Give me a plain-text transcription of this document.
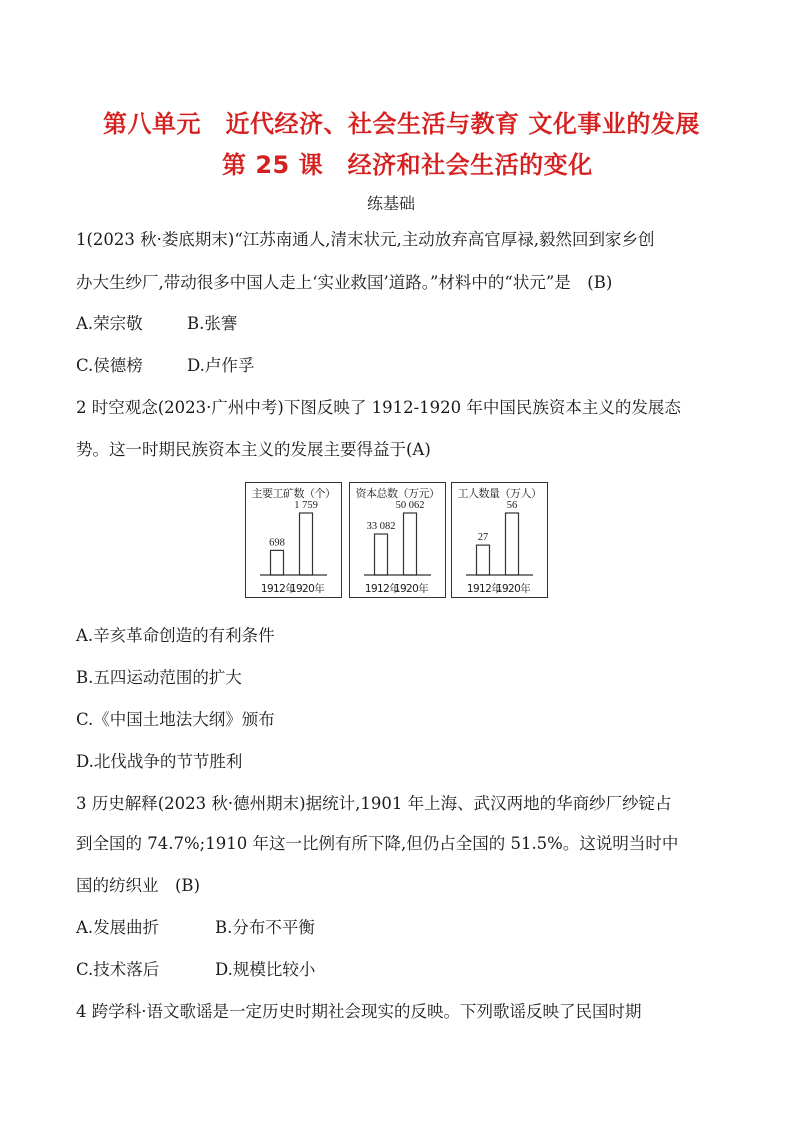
第八单元　近代经济、社会生活与教育 文化事业的发展
第 25 课　经济和社会生活的变化
练基础
1(2023 秋·娄底期末)“江苏南通人,清末状元,主动放弃高官厚禄,毅然回到家乡创
办大生纱厂,带动很多中国人走上‘实业救国’道路。”材料中的“状元”是　(B)
A.荣宗敬	B.张謇
C.侯德榜	D.卢作孚
2 时空观念(2023·广州中考)下图反映了 1912-1920 年中国民族资本主义的发展态
势。这一时期民族资本主义的发展主要得益于(A)
主要工矿数（个）
698
1912年
1 759
1920年
资本总数（万元）
33 082
1912年
50 062
1920年
工人数量（万人）
27
1912年
56
1920年
A.辛亥革命创造的有利条件
B.五四运动范围的扩大
C.《中国土地法大纲》颁布
D.北伐战争的节节胜利
3 历史解释(2023 秋·德州期末)据统计,1901 年上海、武汉两地的华商纱厂纱锭占
到全国的 74.7%;1910 年这一比例有所下降,但仍占全国的 51.5%。这说明当时中
国的纺织业　(B)
A.发展曲折	B.分布不平衡
C.技术落后	D.规模比较小
4 跨学科·语文歌谣是一定历史时期社会现实的反映。下列歌谣反映了民国时期
